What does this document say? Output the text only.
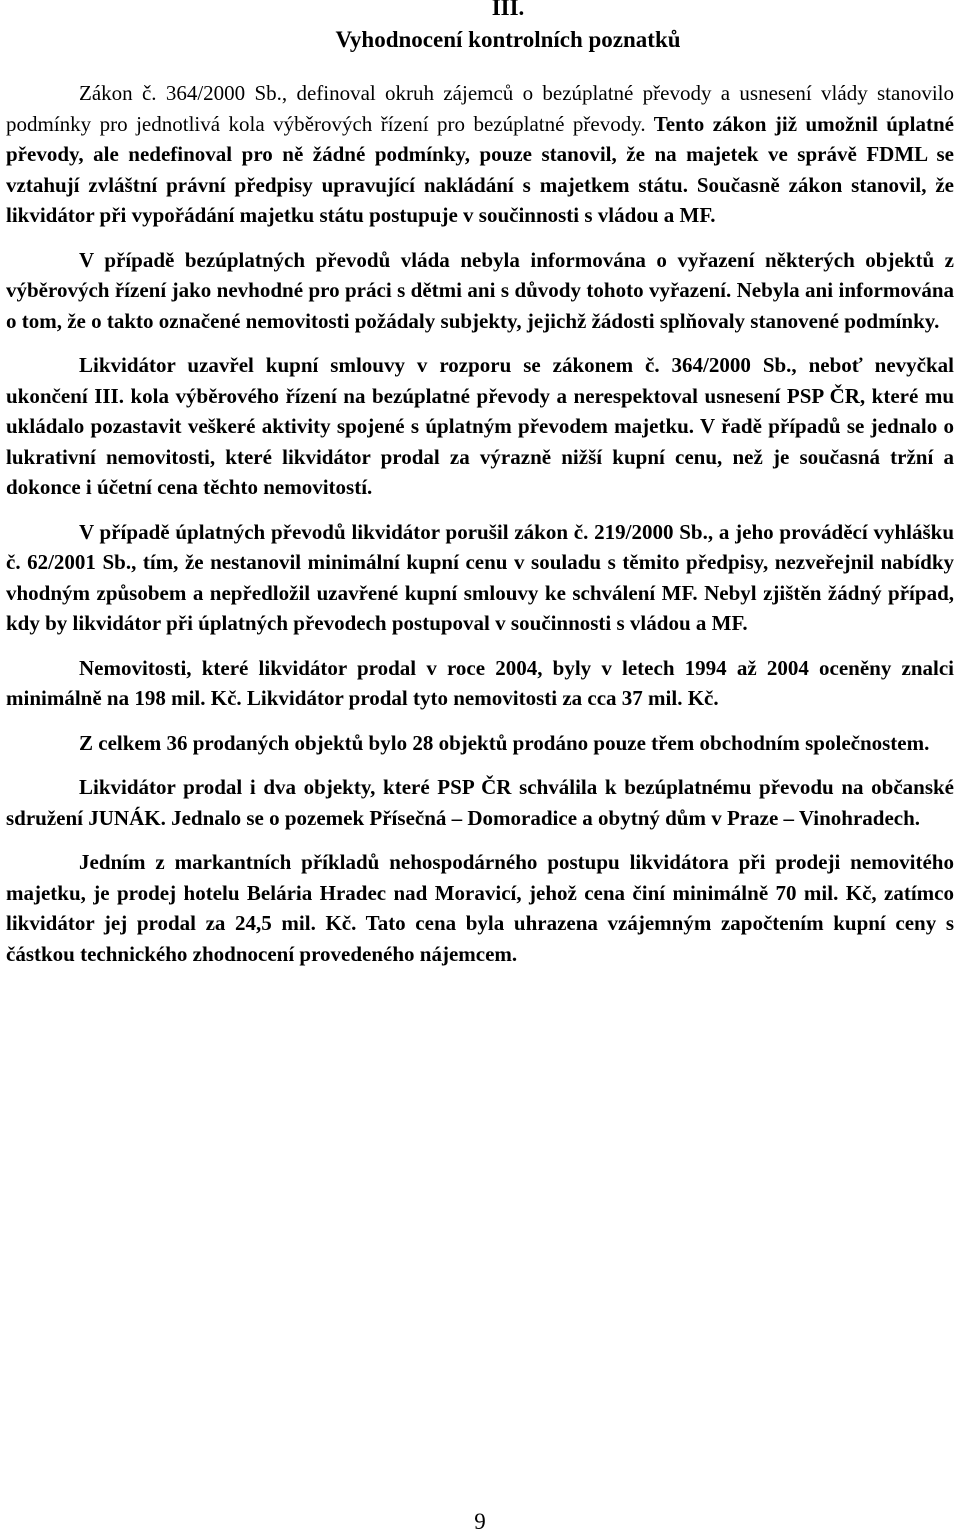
III.
Vyhodnocení kontrolních poznatků

Zákon č. 364/2000 Sb., definoval okruh zájemců o bezúplatné převody a usnesení vlády stanovilo podmínky pro jednotlivá kola výběrových řízení pro bezúplatné převody. Tento zákon již umožnil úplatné převody, ale nedefinoval pro ně žádné podmínky, pouze stanovil, že na majetek ve správě FDML se vztahují zvláštní právní předpisy upravující nakládání s majetkem státu. Současně zákon stanovil, že likvidátor při vypořádání majetku státu postupuje v součinnosti s vládou a MF.

V případě bezúplatných převodů vláda nebyla informována o vyřazení některých objektů z výběrových řízení jako nevhodné pro práci s dětmi ani s důvody tohoto vyřazení. Nebyla ani informována o tom, že o takto označené nemovitosti požádaly subjekty, jejichž žádosti splňovaly stanovené podmínky.

Likvidátor uzavřel kupní smlouvy v rozporu se zákonem č. 364/2000 Sb., neboť nevyčkal ukončení III. kola výběrového řízení na bezúplatné převody a nerespektoval usnesení PSP ČR, které mu ukládalo pozastavit veškeré aktivity spojené s úplatným převodem majetku. V řadě případů se jednalo o lukrativní nemovitosti, které likvidátor prodal za výrazně nižší kupní cenu, než je současná tržní a dokonce i účetní cena těchto nemovitostí.

V případě úplatných převodů likvidátor porušil zákon č. 219/2000 Sb., a jeho prováděcí vyhlášku č. 62/2001 Sb., tím, že nestanovil minimální kupní cenu v souladu s těmito předpisy, nezveřejnil nabídky vhodným způsobem a nepředložil uzavřené kupní smlouvy ke schválení MF. Nebyl zjištěn žádný případ, kdy by likvidátor při úplatných převodech postupoval v součinnosti s vládou a MF.

Nemovitosti, které likvidátor prodal v roce 2004, byly v letech 1994 až 2004 oceněny znalci minimálně na 198 mil. Kč. Likvidátor prodal tyto nemovitosti za cca 37 mil. Kč.

Z celkem 36 prodaných objektů bylo 28 objektů prodáno pouze třem obchodním společnostem.

Likvidátor prodal i dva objekty, které PSP ČR schválila k bezúplatnému převodu na občanské sdružení JUNÁK. Jednalo se o pozemek Přísečná – Domoradice a obytný dům v Praze – Vinohradech.

Jedním z markantních příkladů nehospodárného postupu likvidátora při prodeji nemovitého majetku, je prodej hotelu Belária Hradec nad Moravicí, jehož cena činí minimálně 70 mil. Kč, zatímco likvidátor jej prodal za 24,5 mil. Kč. Tato cena byla uhrazena vzájemným započtením kupní ceny s částkou technického zhodnocení provedeného nájemcem.

9
